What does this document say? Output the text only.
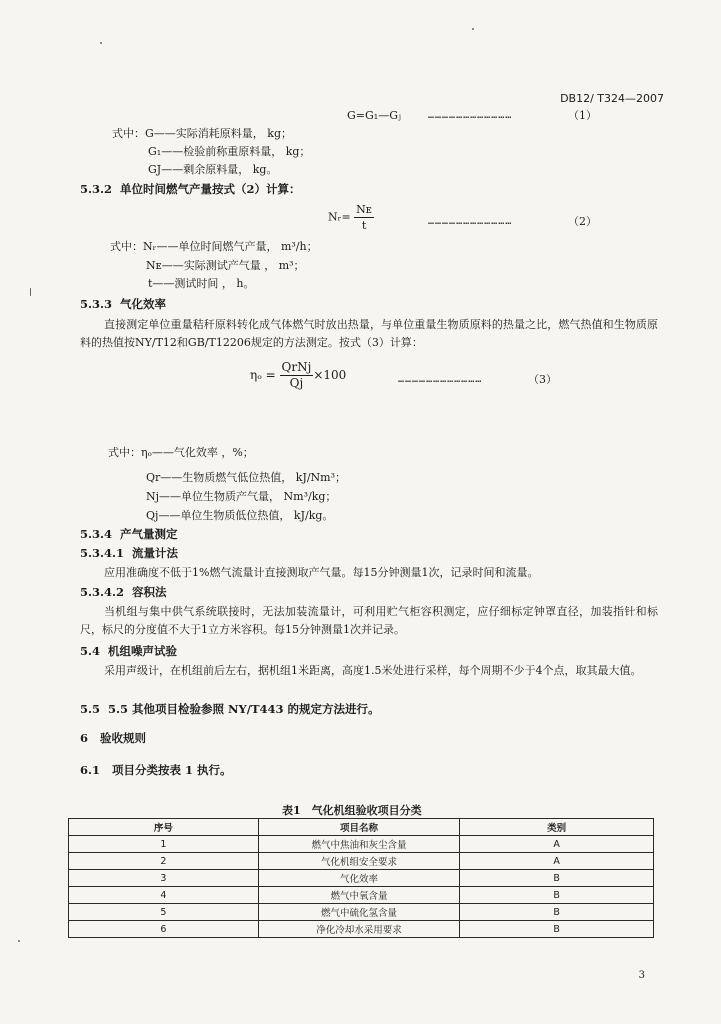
DB12/ T324—2007
G=G₁—Gⱼ	………………………………	（1）
式中：G——实际消耗原料量， kg；
G₁——检验前称重原料量， kg；
GJ——剩余原料量， kg。
5.3.2 单位时间燃气产量按式（2）计算：
Nᵣ= $\frac{\text{Nᴇ}}{t}$	………………………………	（2）
式中：Nᵣ——单位时间燃气产量， m³/h；
Nᴇ——实际测试产气量 ， m³；
t——测试时间 ， h。
5.3.3 气化效率
直接测定单位重量秸秆原料转化成气体燃气时放出热量，与单位重量生物质原料的热量之比，燃气热值和生物质原料的热值按NY/T12和GB/T12206规定的方法测定。按式（3）计算：
$\eta_o = \frac{\text{QrNj}}{Qj} \times 100$	………………………………	（3）
式中：ηₒ——气化效率 ，%；
Qr——生物质燃气低位热值， kJ/Nm³；
Nj——单位生物质产气量， Nm³/kg；
Qj——单位生物质低位热值， kJ/kg。
5.3.4 产气量测定
5.3.4.1 流量计法
应用准确度不低于1%燃气流量计直接测取产气量。每15分钟测量1次，记录时间和流量。
5.3.4.2 容积法
当机组与集中供气系统联接时，无法加装流量计，可利用贮气柜容积测定，应仔细标定钟罩直径，加装指针和标尺，标尺的分度值不大于1立方米容积。每15分钟测量1次并记录。
5.4 机组噪声试验
采用声级计，在机组前后左右，据机组1米距离，高度1.5米处进行采样，每个周期不少于4个点，取其最大值。
5.5 5.5 其他项目检验参照 NY/T443 的规定方法进行。
6 验收规则
6.1 项目分类按表 1 执行。
表1　气化机组验收项目分类
序号	项目名称	类别
1	燃气中焦油和灰尘含量	A
2	气化机组安全要求	A
3	气化效率	B
4	燃气中氧含量	B
5	燃气中硫化氢含量	B
6	净化冷却水采用要求	B
3
